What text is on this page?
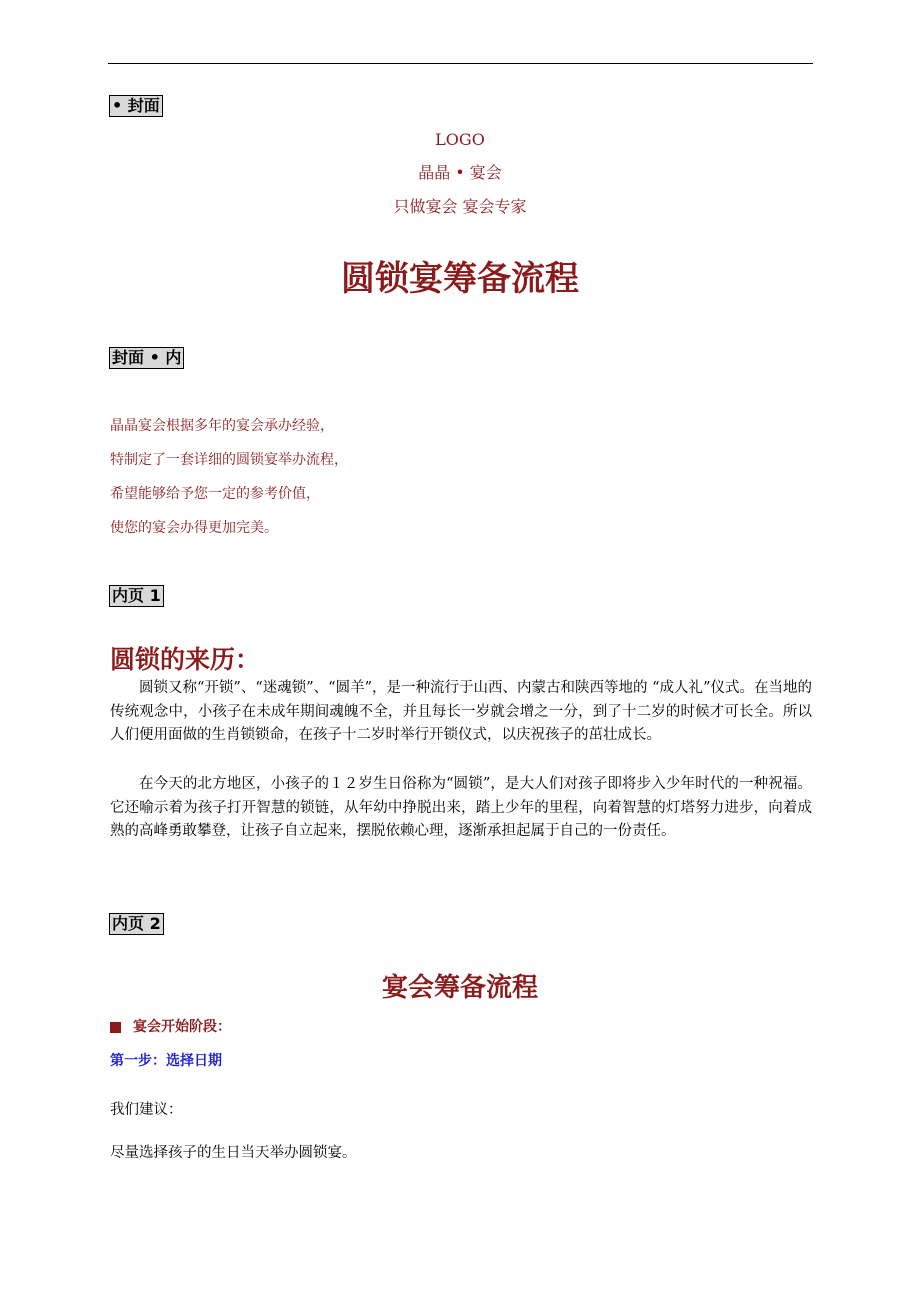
• 封面
LOGO
晶晶 • 宴会
只做宴会 宴会专家
圆锁宴筹备流程
封面 • 内
晶晶宴会根据多年的宴会承办经验，
特制定了一套详细的圆锁宴举办流程，
希望能够给予您一定的参考价值，
使您的宴会办得更加完美。
内页 1
圆锁的来历：
圆锁又称“开锁”、“迷魂锁”、“圆羊”，是一种流行于山西、内蒙古和陕西等地的 “成人礼”仪式。在当地的传统观念中，小孩子在未成年期间魂魄不全，并且每长一岁就会增之一分，到了十二岁的时候才可长全。所以人们便用面做的生肖锁锁命，在孩子十二岁时举行开锁仪式，以庆祝孩子的茁壮成长。
在今天的北方地区，小孩子的１２岁生日俗称为“圆锁”，是大人们对孩子即将步入少年时代的一种祝福。它还喻示着为孩子打开智慧的锁链，从年幼中挣脱出来，踏上少年的里程，向着智慧的灯塔努力进步，向着成熟的高峰勇敢攀登，让孩子自立起来，摆脱依赖心理，逐渐承担起属于自己的一份责任。
内页 2
宴会筹备流程
宴会开始阶段：
第一步：选择日期
我们建议：
尽量选择孩子的生日当天举办圆锁宴。
